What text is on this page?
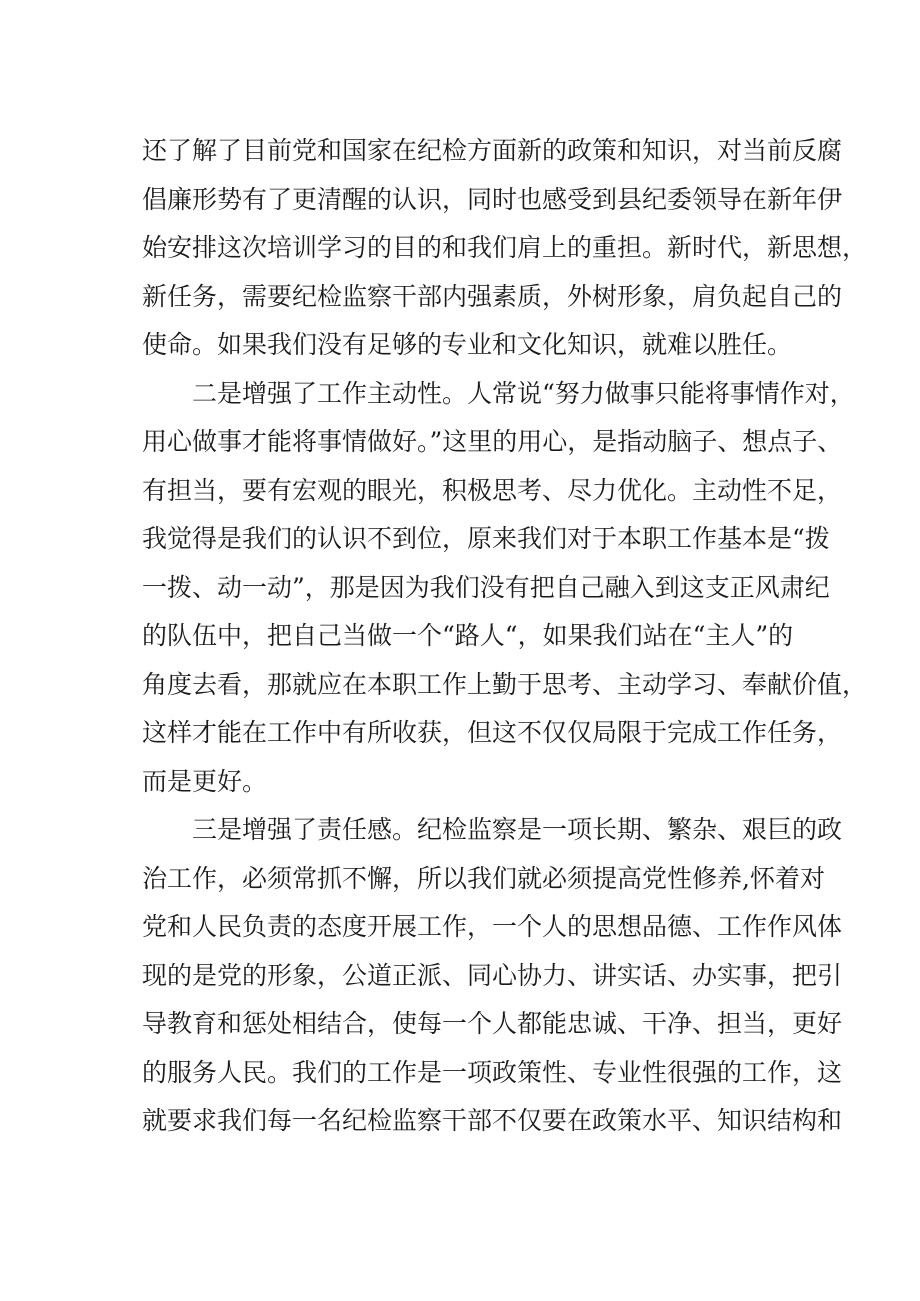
还了解了目前党和国家在纪检方面新的政策和知识，对当前反腐
倡廉形势有了更清醒的认识，同时也感受到县纪委领导在新年伊
始安排这次培训学习的目的和我们肩上的重担。新时代，新思想，
新任务，需要纪检监察干部内强素质，外树形象，肩负起自己的
使命。如果我们没有足够的专业和文化知识，就难以胜任。
二是增强了工作主动性。人常说“努力做事只能将事情作对，
用心做事才能将事情做好。”这里的用心，是指动脑子、想点子、
有担当，要有宏观的眼光，积极思考、尽力优化。主动性不足，
我觉得是我们的认识不到位，原来我们对于本职工作基本是“拨
一拨、动一动”，那是因为我们没有把自己融入到这支正风肃纪
的队伍中，把自己当做一个“路人“，如果我们站在“主人”的
角度去看，那就应在本职工作上勤于思考、主动学习、奉献价值，
这样才能在工作中有所收获，但这不仅仅局限于完成工作任务，
而是更好。
三是增强了责任感。纪检监察是一项长期、繁杂、艰巨的政
治工作，必须常抓不懈，所以我们就必须提高党性修养,怀着对
党和人民负责的态度开展工作，一个人的思想品德、工作作风体
现的是党的形象，公道正派、同心协力、讲实话、办实事，把引
导教育和惩处相结合，使每一个人都能忠诚、干净、担当，更好
的服务人民。我们的工作是一项政策性、专业性很强的工作，这
就要求我们每一名纪检监察干部不仅要在政策水平、知识结构和
